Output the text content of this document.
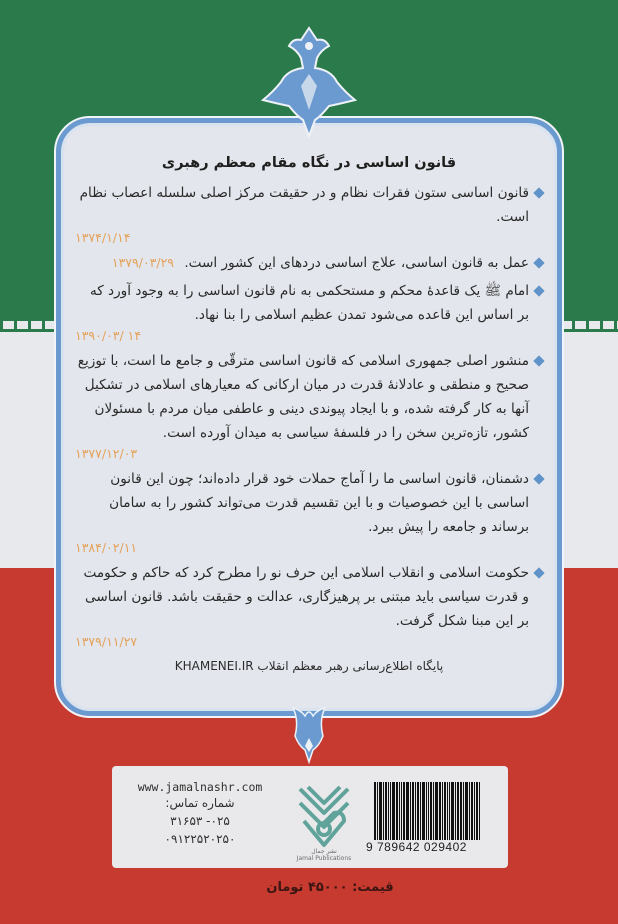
قانون اساسی در نگاه مقام معظم رهبری
قانون اساسی ستون فقرات نظام و در حقیقت مرکز اصلی سلسله اعصاب نظام است.
۱۳۷۴/۱/۱۴
عمل به قانون اساسی، علاج اساسی دردهای این کشور است. ۱۳۷۹/۰۳/۲۹
امام ﷺ یک قاعدهٔ محکم و مستحکمی به نام قانون اساسی را به وجود آورد که بر اساس این قاعده می‌شود تمدن عظیم اسلامی را بنا نهاد.
۱۳۹۰/۰۳/ ۱۴
منشور اصلی جمهوری اسلامی که قانون اساسی مترقّی و جامع ما است، با توزیع صحیح و منطقی و عادلانهٔ قدرت در میان ارکانی که معیارهای اسلامی در تشکیل آنها به کار گرفته شده، و با ایجاد پیوندی دینی و عاطفی میان مردم با مسئولان کشور، تازه‌ترین سخن را در فلسفهٔ سیاسی به میدان آورده است.
۱۳۷۷/۱۲/۰۳
دشمنان، قانون اساسی ما را آماج حملات خود قرار داده‌اند؛ چون این قانون اساسی با این خصوصیات و با این تقسیم قدرت می‌تواند کشور را به سامان برساند و جامعه را پیش ببرد.
۱۳۸۴/۰۲/۱۱
حکومت اسلامی و انقلاب اسلامی این حرف نو را مطرح کرد که حاکم و حکومت و قدرت سیاسی باید مبتنی بر پرهیزگاری، عدالت و حقیقت باشد. قانون اساسی بر این مبنا شکل گرفت.
۱۳۷۹/۱۱/۲۷
پایگاه اطلاع‌رسانی رهبر معظم انقلاب KHAMENEI.IR
www.jamalnashr.com
شماره تماس:
۰۲۵- ۳۱۶۵۳
۰۹۱۲۲۵۲۰۲۵۰
نشر جمال
Jamal Publications
9 789642 029402
قیمت: ۴۵۰۰۰ تومان
